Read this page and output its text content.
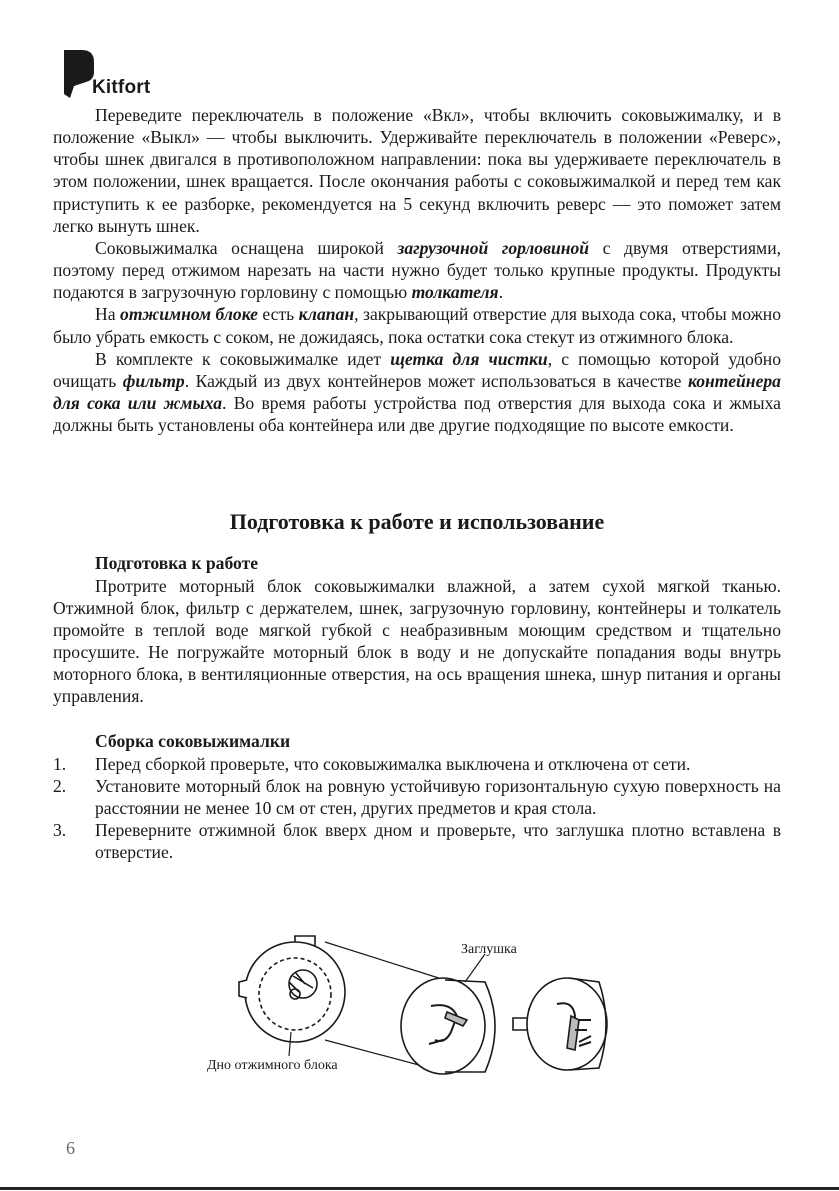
Kitfort

Переведите переключатель в положение «Вкл», чтобы включить соковыжималку, и в положение «Выкл» — чтобы выключить. Удерживайте переключатель в положении «Реверс», чтобы шнек двигался в противоположном направлении: пока вы удерживаете переключатель в этом положении, шнек вращается. После окончания работы с соковыжималкой и перед тем как приступить к ее разборке, рекомендуется на 5 секунд включить реверс — это поможет затем легко вынуть шнек.

Соковыжималка оснащена широкой загрузочной горловиной с двумя отверстиями, поэтому перед отжимом нарезать на части нужно будет только крупные продукты. Продукты подаются в загрузочную горловину с помощью толкателя.

На отжимном блоке есть клапан, закрывающий отверстие для выхода сока, чтобы можно было убрать емкость с соком, не дожидаясь, пока остатки сока стекут из отжимного блока.

В комплекте к соковыжималке идет щетка для чистки, с помощью которой удобно очищать фильтр. Каждый из двух контейнеров может использоваться в качестве контейнера для сока или жмыха. Во время работы устройства под отверстия для выхода сока и жмыха должны быть установлены оба контейнера или две другие подходящие по высоте емкости.

Подготовка к работе и использование

Подготовка к работе

Протрите моторный блок соковыжималки влажной, а затем сухой мягкой тканью. Отжимной блок, фильтр с держателем, шнек, загрузочную горловину, контейнеры и толкатель промойте в теплой воде мягкой губкой с неабразивным моющим средством и тщательно просушите. Не погружайте моторный блок в воду и не допускайте попадания воды внутрь моторного блока, в вентиляционные отверстия, на ось вращения шнека, шнур питания и органы управления.

Сборка соковыжималки

1. Перед сборкой проверьте, что соковыжималка выключена и отключена от сети.
2. Установите моторный блок на ровную устойчивую горизонтальную сухую поверхность на расстоянии не менее 10 см от стен, других предметов и края стола.
3. Переверните отжимной блок вверх дном и проверьте, что заглушка плотно вставлена в отверстие.
Заглушка
Дно отжимного блока
6
